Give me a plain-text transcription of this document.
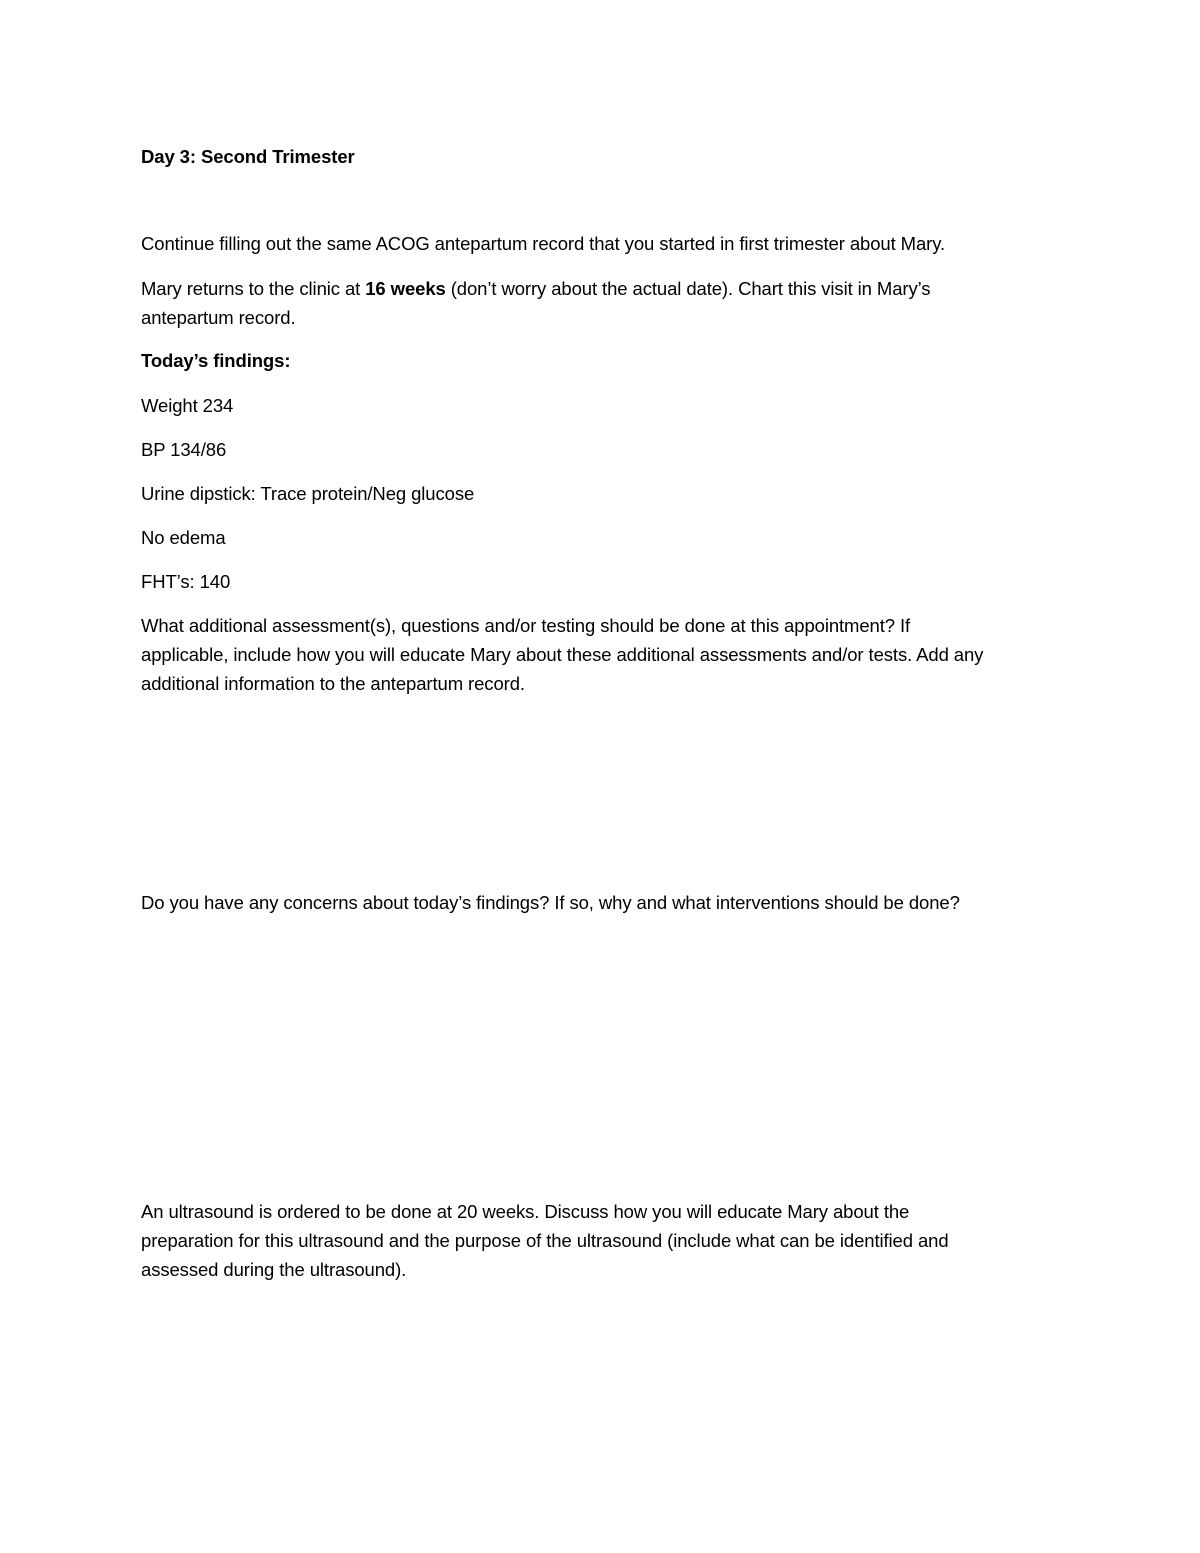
Day 3: Second Trimester
Continue filling out the same ACOG antepartum record that you started in first trimester about Mary.
Mary returns to the clinic at 16 weeks (don’t worry about the actual date). Chart this visit in Mary’s
antepartum record.
Today’s findings:
Weight 234
BP 134/86
Urine dipstick: Trace protein/Neg glucose
No edema
FHT’s: 140
What additional assessment(s), questions and/or testing should be done at this appointment? If
applicable, include how you will educate Mary about these additional assessments and/or tests. Add any
additional information to the antepartum record.
Do you have any concerns about today’s findings? If so, why and what interventions should be done?
An ultrasound is ordered to be done at 20 weeks. Discuss how you will educate Mary about the
preparation for this ultrasound and the purpose of the ultrasound (include what can be identified and
assessed during the ultrasound).
